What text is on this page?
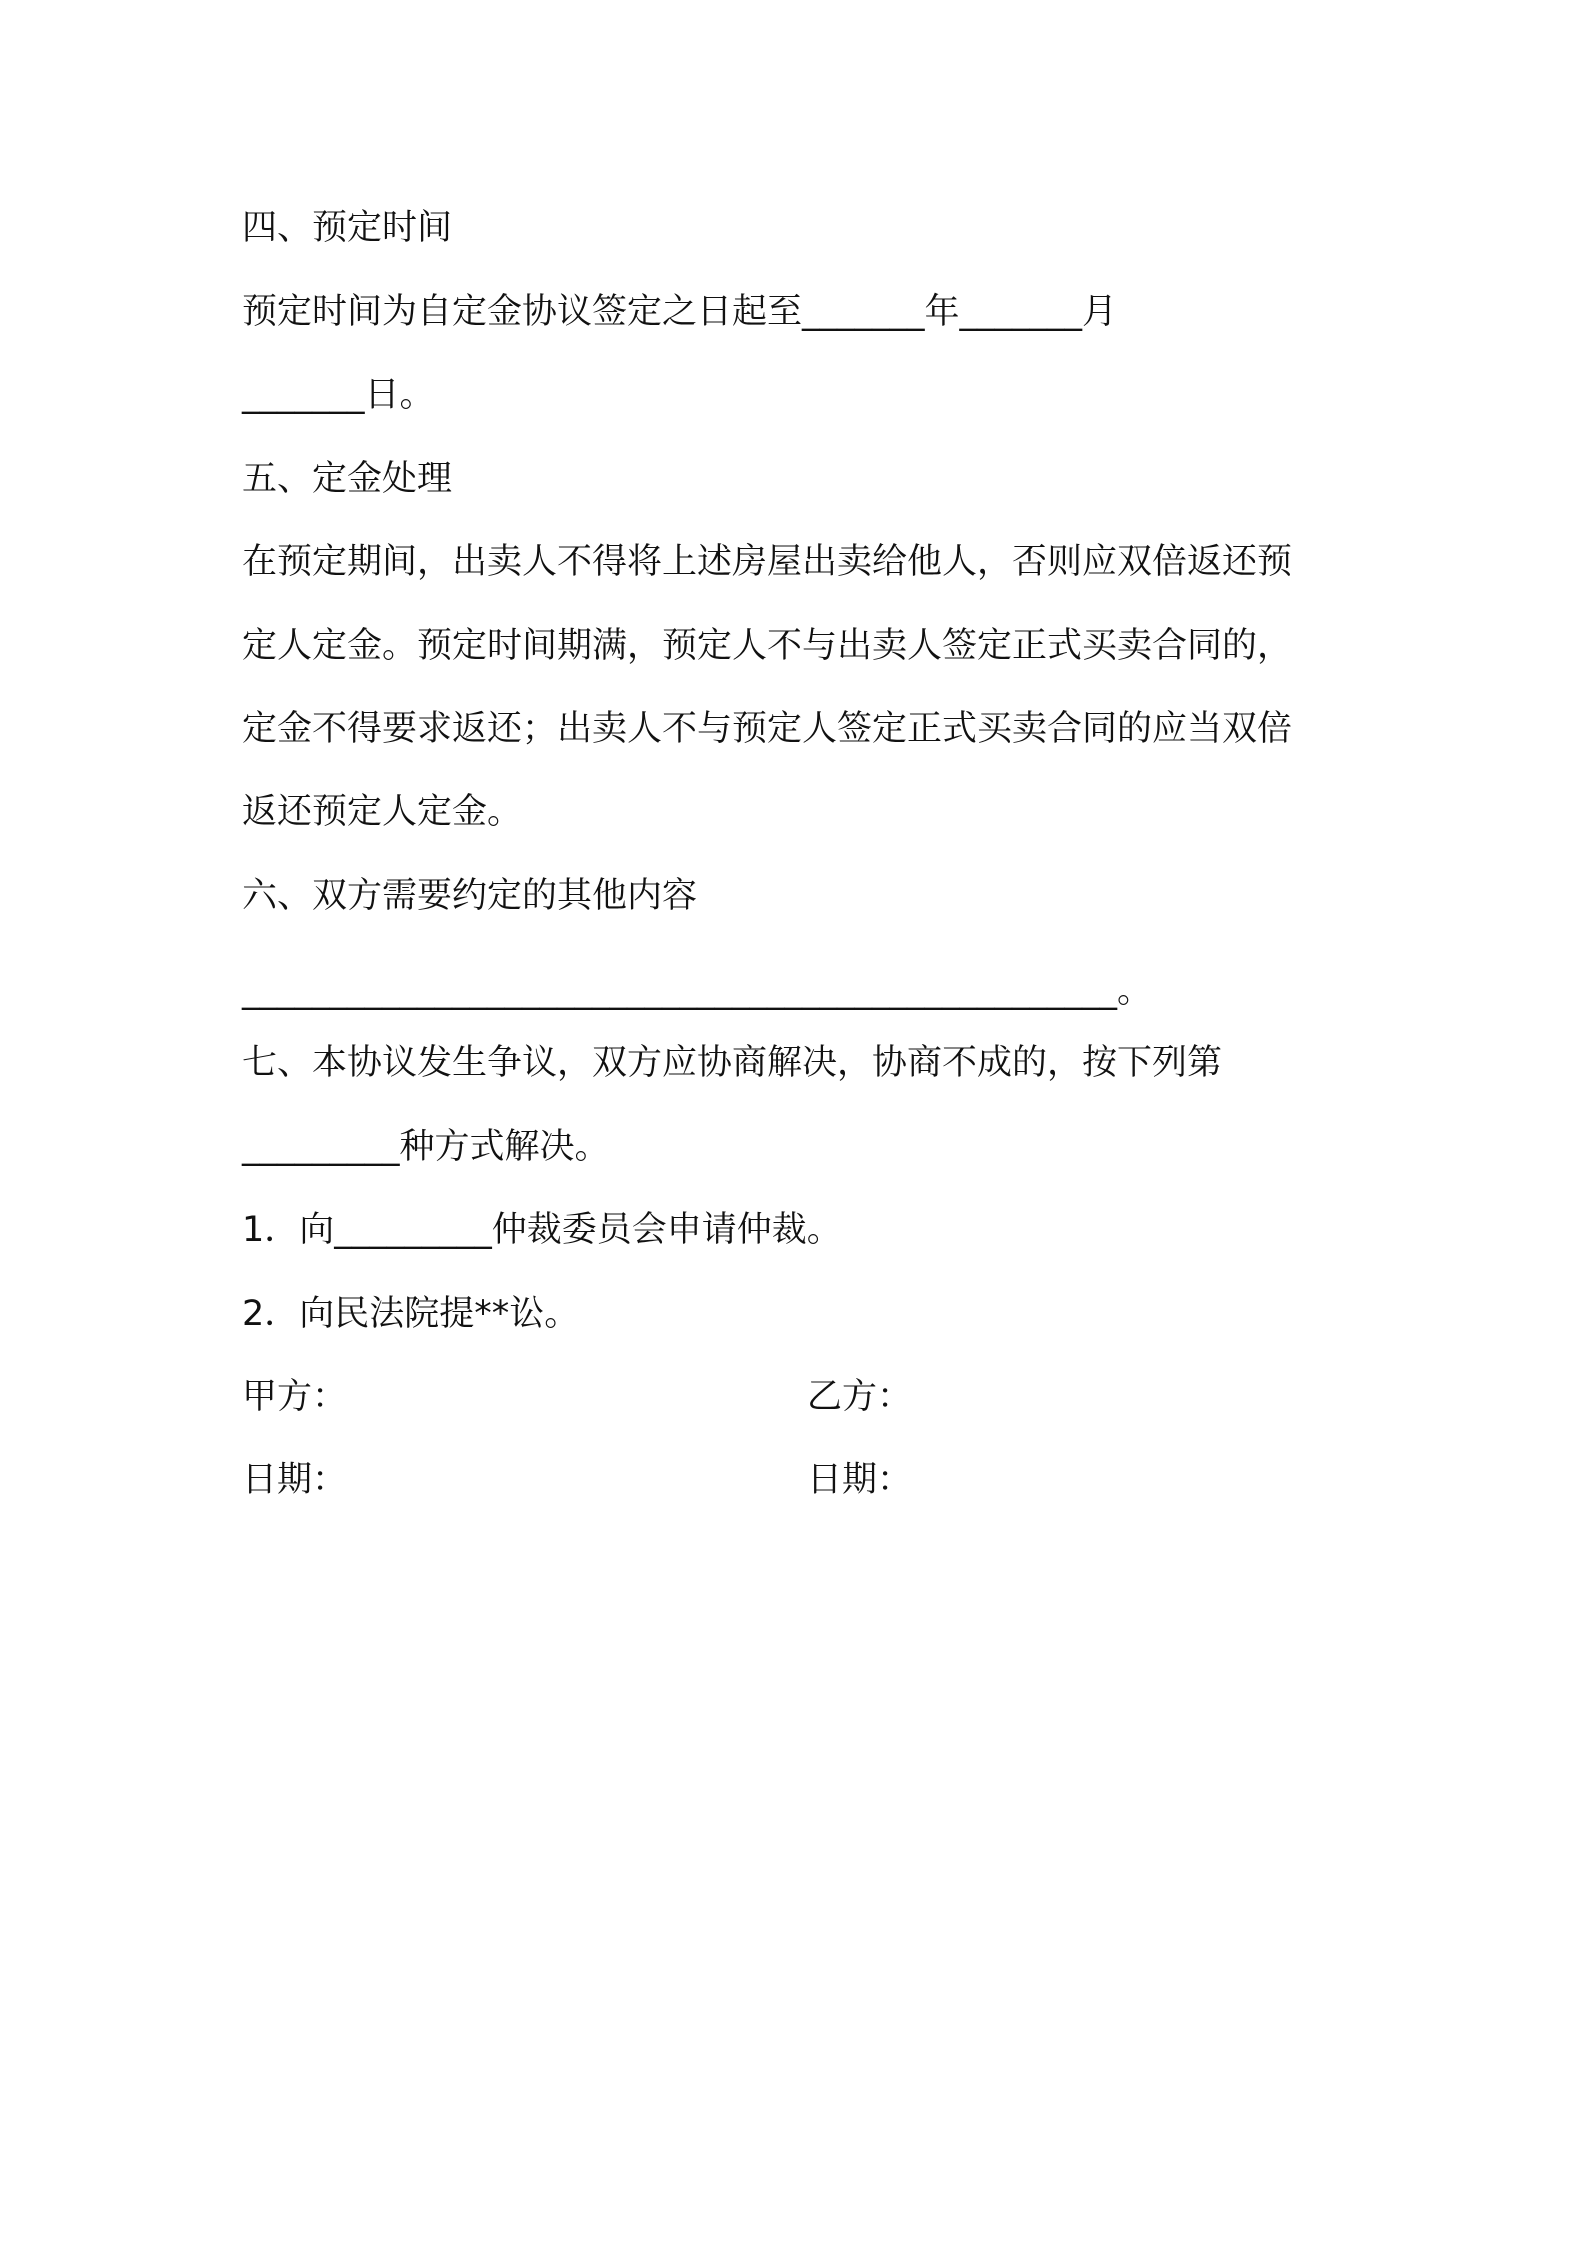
四、预定时间
预定时间为自定金协议签定之日起至_______年_______月
_______日。
五、定金处理
在预定期间，出卖人不得将上述房屋出卖给他人，否则应双倍返还预
定人定金。预定时间期满，预定人不与出卖人签定正式买卖合同的，
定金不得要求返还；出卖人不与预定人签定正式买卖合同的应当双倍
返还预定人定金。
六、双方需要约定的其他内容
__________________________________________________。
七、本协议发生争议，双方应协商解决，协商不成的，按下列第
_________种方式解决。
1．向_________仲裁委员会申请仲裁。
2．向民法院提**讼。
甲方：	乙方：
日期：	日期：
